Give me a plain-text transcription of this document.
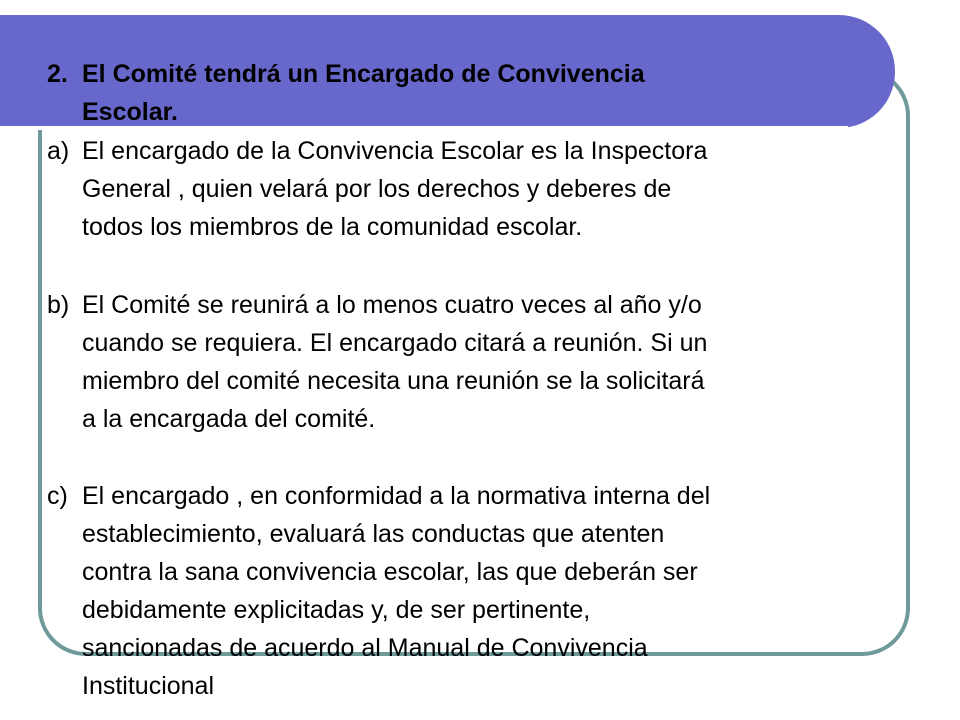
2. El Comité tendrá un Encargado de Convivencia
Escolar.
a) El encargado de la Convivencia Escolar es la Inspectora
General , quien velará por los derechos y deberes de
todos los miembros de la comunidad escolar.
b) El Comité se reunirá a lo menos cuatro veces al año y/o
cuando se requiera. El encargado citará a reunión. Si un
miembro del comité necesita una reunión se la solicitará
a la encargada del comité.
c) El encargado , en conformidad a la normativa interna del
establecimiento, evaluará las conductas que atenten
contra la sana convivencia escolar, las que deberán ser
debidamente explicitadas y, de ser pertinente,
sancionadas de acuerdo al Manual de Convivencia
Institucional
